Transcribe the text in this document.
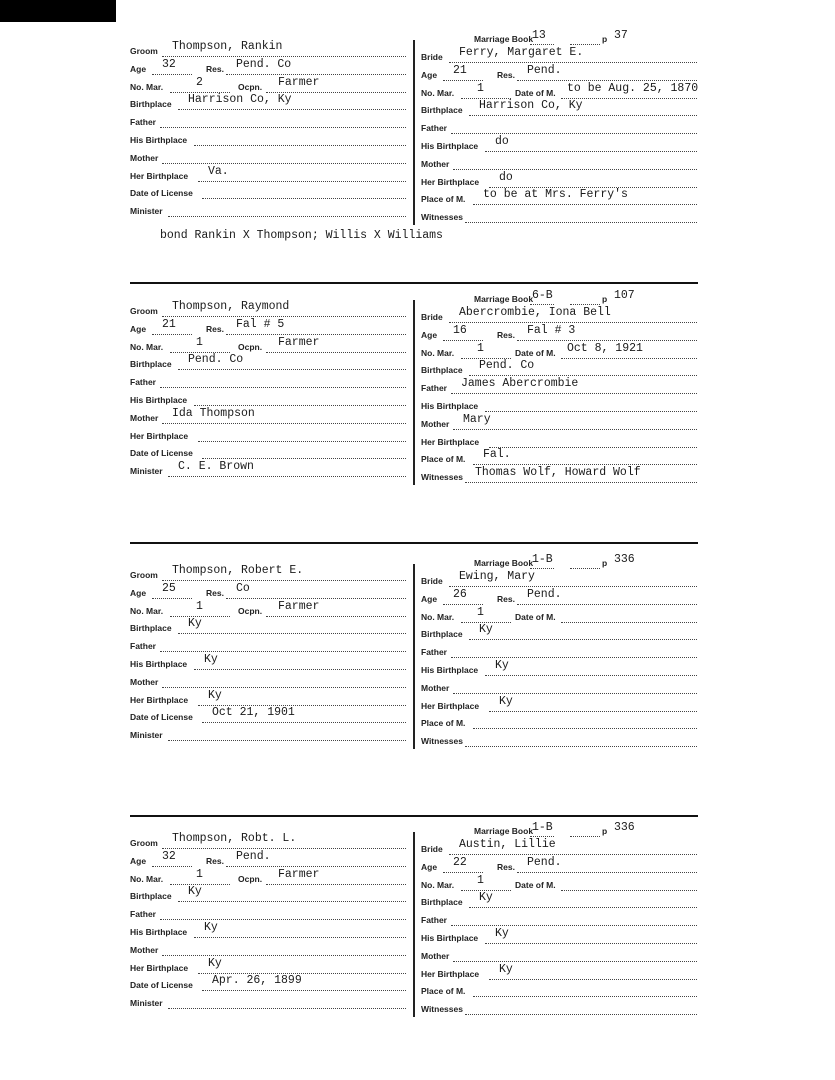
Marriage Book
13	p 37
Groom Thompson, Rankin
Age 32	Res. Pend. Co
No. Mar.	2	Ocpn. Farmer
Birthplace Harrison Co, Ky
Father
His Birthplace
Mother
Her Birthplace Va.
Date of License
Minister
Bride Ferry, Margaret E.
Age 21	Res. Pend.
No. Mar. 1	Date of M. to be Aug. 25, 1870
Birthplace Harrison Co, Ky
Father
His Birthplace do
Mother
Her Birthplace do
Place of M. to be at Mrs. Ferry's
Witnesses
bond Rankin X Thompson; Willis X Williams
Marriage Book
6-B	p 107
Groom Thompson, Raymond
Age 21	Res. Fal # 5
No. Mar.	1	Ocpn. Farmer
Birthplace Pend. Co
Father
His Birthplace
Mother Ida Thompson
Her Birthplace
Date of License
Minister C. E. Brown
Bride Abercrombie, Iona Bell
Age 16	Res. Fal # 3
No. Mar. 1	Date of M. Oct 8, 1921
Birthplace Pend. Co
Father James Abercrombie
His Birthplace
Mother Mary
Her Birthplace
Place of M. Fal.
Witnesses Thomas Wolf, Howard Wolf
Marriage Book
1-B	p 336
Groom Thompson, Robert E.
Age 25	Res. Co
No. Mar.	1	Ocpn. Farmer
Birthplace Ky
Father
His Birthplace Ky
Mother
Her Birthplace Ky
Date of License Oct 21, 1901
Minister
Bride Ewing, Mary
Age 26	Res. Pend.
No. Mar. 1	Date of M.
Birthplace Ky
Father
His Birthplace Ky
Mother
Her Birthplace Ky
Place of M.
Witnesses
Marriage Book
1-B	p 336
Groom Thompson, Robt. L.
Age 32	Res. Pend.
No. Mar.	1	Ocpn. Farmer
Birthplace Ky
Father
His Birthplace Ky
Mother
Her Birthplace Ky
Date of License Apr. 26, 1899
Minister
Bride Austin, Lillie
Age 22	Res. Pend.
No. Mar. 1	Date of M.
Birthplace Ky
Father
His Birthplace Ky
Mother
Her Birthplace Ky
Place of M.
Witnesses
